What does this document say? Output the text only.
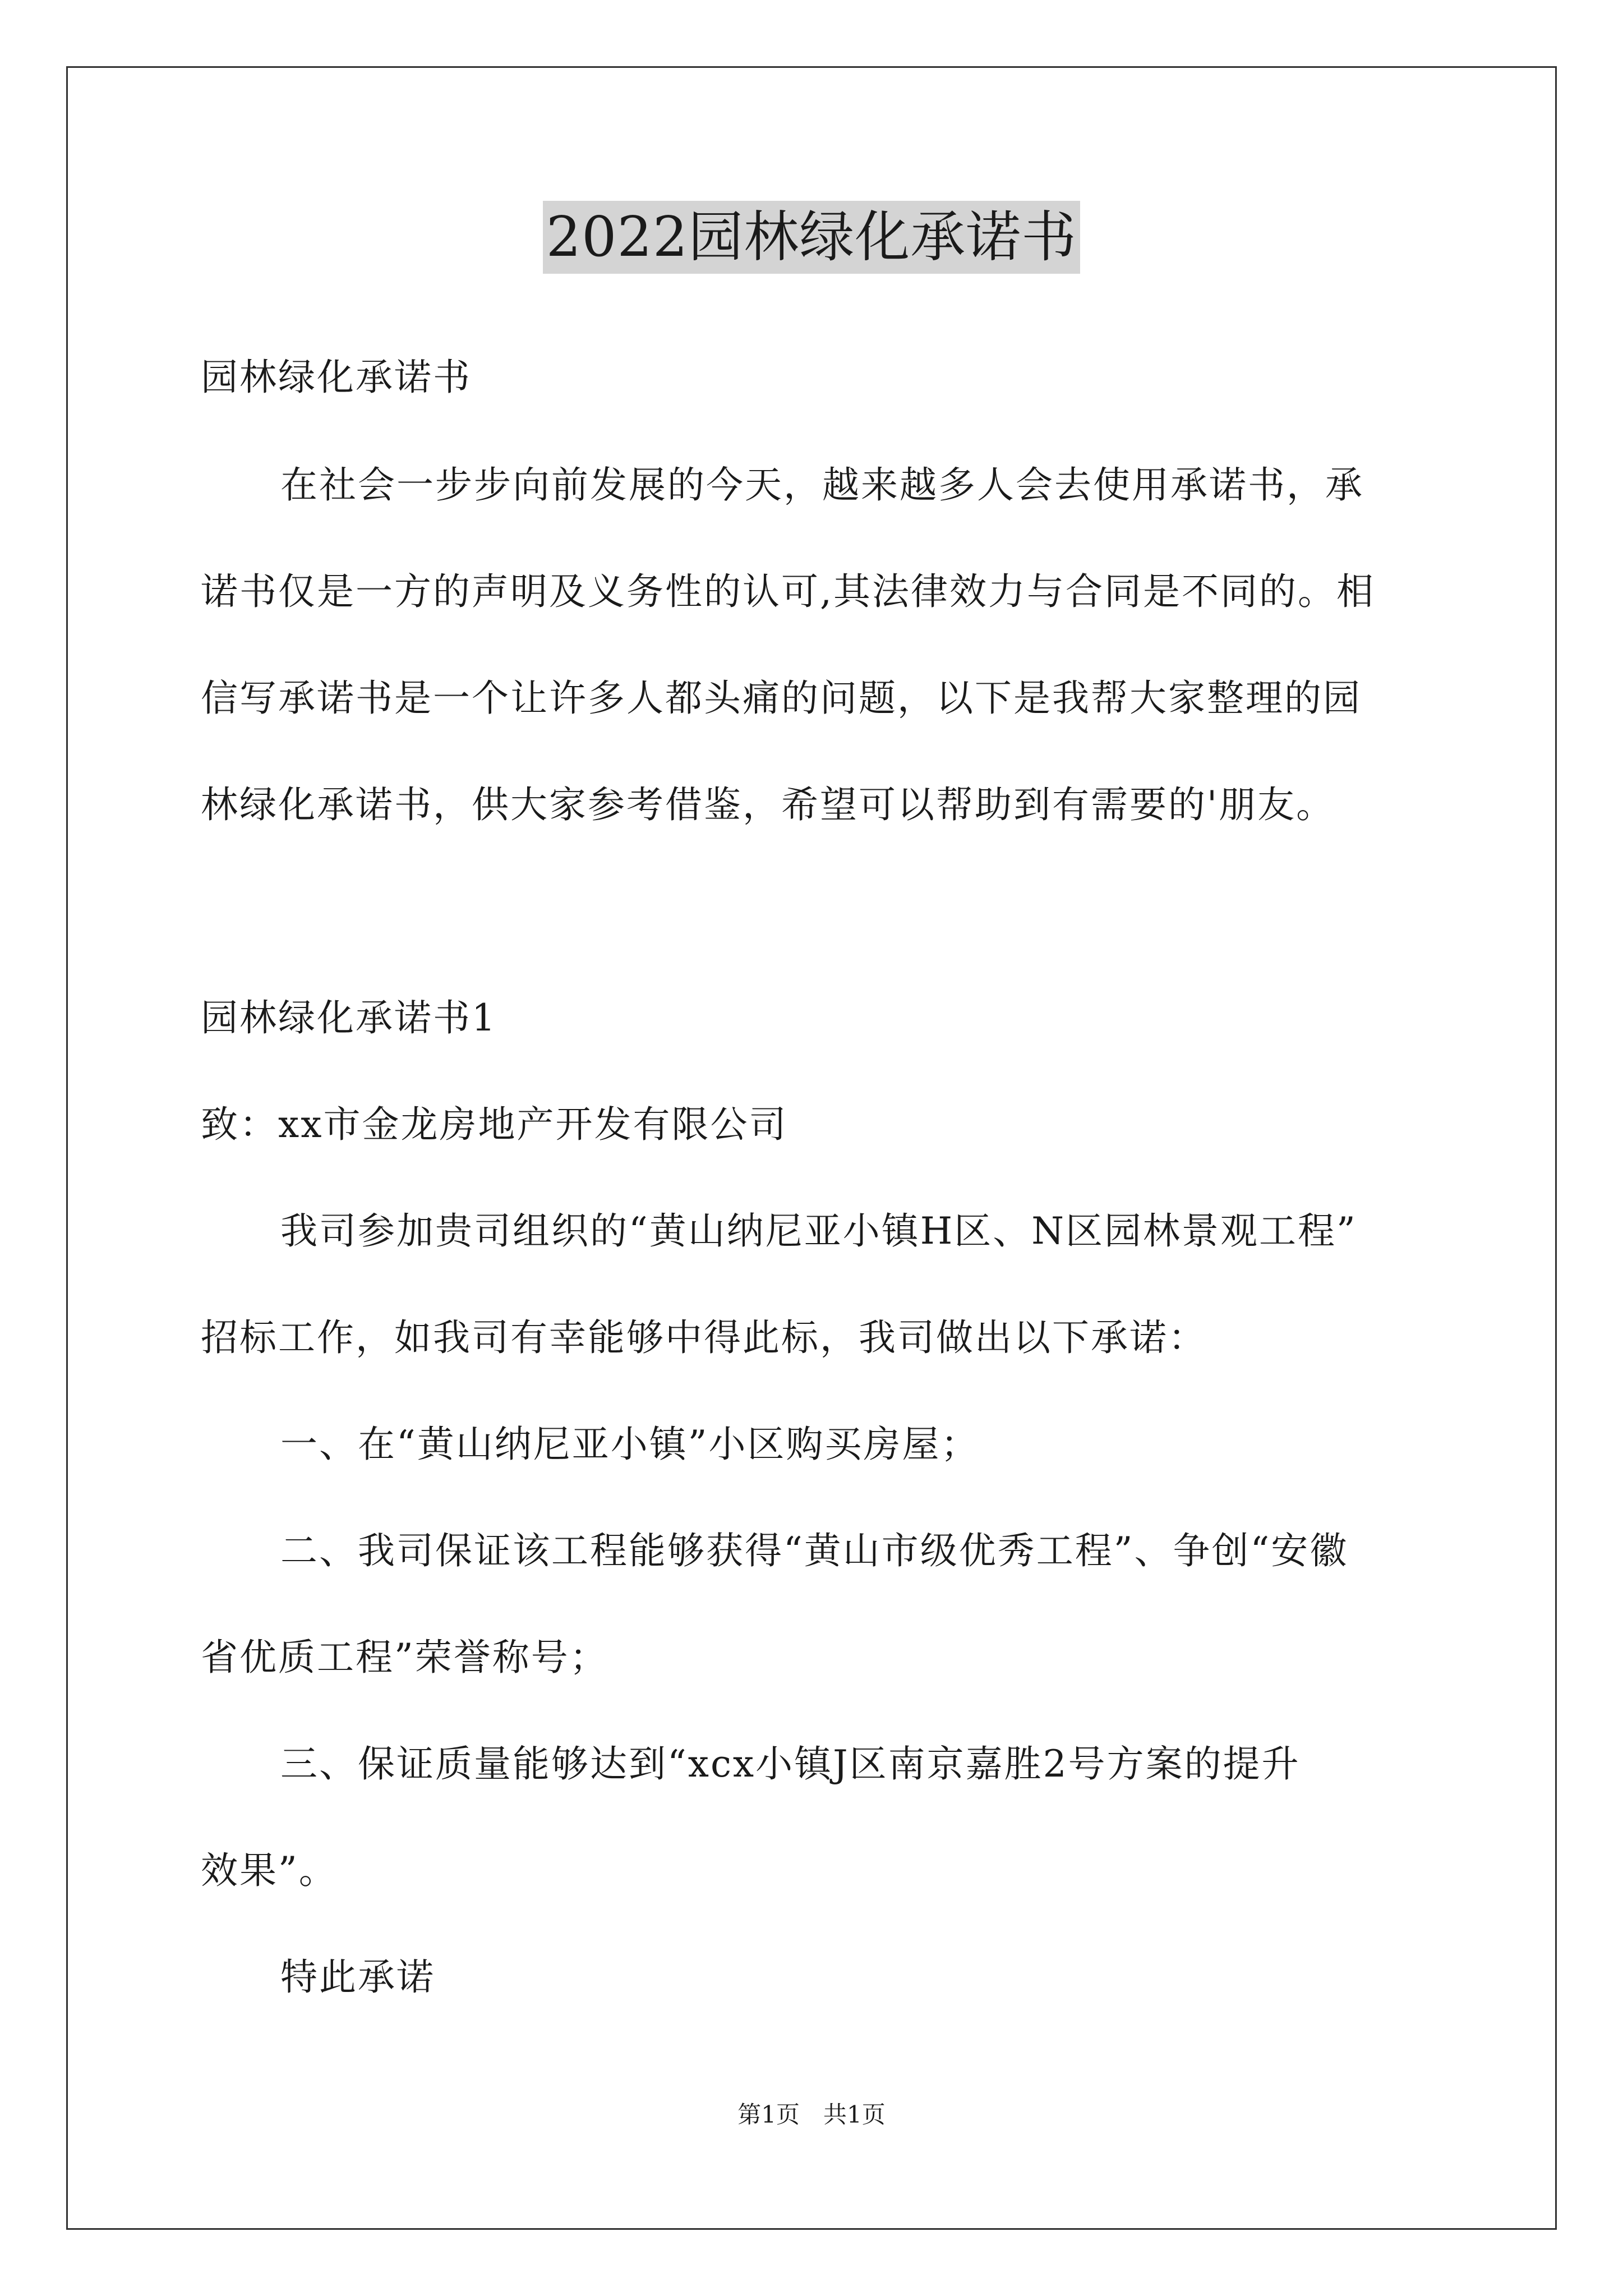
2022园林绿化承诺书
园林绿化承诺书
在社会一步步向前发展的今天，越来越多人会去使用承诺书，承
诺书仅是一方的声明及义务性的认可,其法律效力与合同是不同的。相
信写承诺书是一个让许多人都头痛的问题，以下是我帮大家整理的园
林绿化承诺书，供大家参考借鉴，希望可以帮助到有需要的'朋友。
园林绿化承诺书1
致：xx市金龙房地产开发有限公司
我司参加贵司组织的“黄山纳尼亚小镇H区、N区园林景观工程”
招标工作，如我司有幸能够中得此标，我司做出以下承诺：
一、在“黄山纳尼亚小镇”小区购买房屋；
二、我司保证该工程能够获得“黄山市级优秀工程”、争创“安徽
省优质工程”荣誉称号；
三、保证质量能够达到“xcx小镇J区南京嘉胜2号方案的提升
效果”。
特此承诺
第1页　共1页
